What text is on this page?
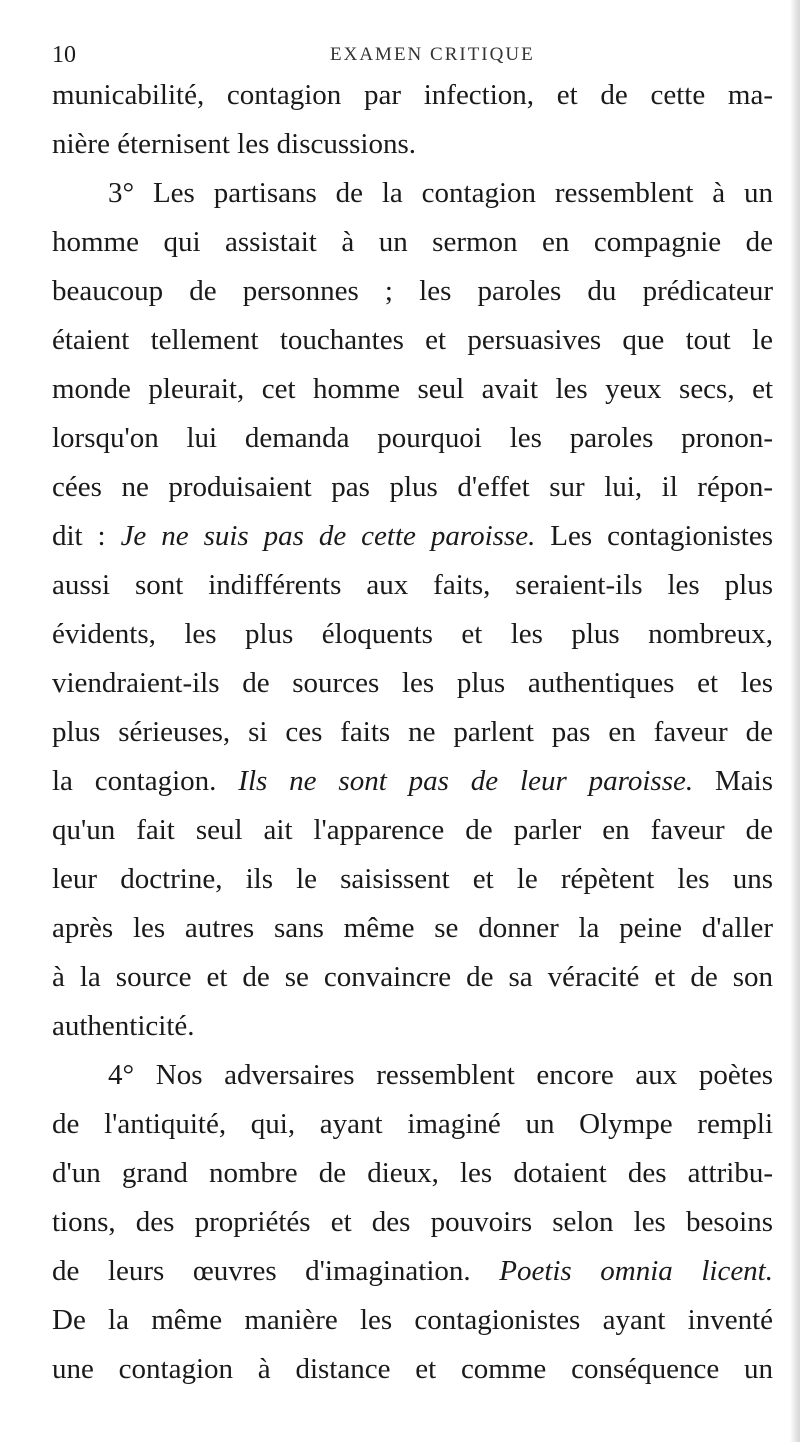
10	EXAMEN CRITIQUE
municabilité, contagion par infection, et de cette ma-
nière éternisent les discussions.
3° Les partisans de la contagion ressemblent à un
homme qui assistait à un sermon en compagnie de
beaucoup de personnes ; les paroles du prédicateur
étaient tellement touchantes et persuasives que tout le
monde pleurait, cet homme seul avait les yeux secs, et
lorsqu'on lui demanda pourquoi les paroles pronon-
cées ne produisaient pas plus d'effet sur lui, il répon-
dit : Je ne suis pas de cette paroisse. Les contagionistes
aussi sont indifférents aux faits, seraient-ils les plus
évidents, les plus éloquents et les plus nombreux,
viendraient-ils de sources les plus authentiques et les
plus sérieuses, si ces faits ne parlent pas en faveur de
la contagion. Ils ne sont pas de leur paroisse. Mais
qu'un fait seul ait l'apparence de parler en faveur de
leur doctrine, ils le saisissent et le répètent les uns
après les autres sans même se donner la peine d'aller
à la source et de se convaincre de sa véracité et de son
authenticité.
4° Nos adversaires ressemblent encore aux poètes
de l'antiquité, qui, ayant imaginé un Olympe rempli
d'un grand nombre de dieux, les dotaient des attribu-
tions, des propriétés et des pouvoirs selon les besoins
de leurs œuvres d'imagination. Poetis omnia licent.
De la même manière les contagionistes ayant inventé
une contagion à distance et comme conséquence un
